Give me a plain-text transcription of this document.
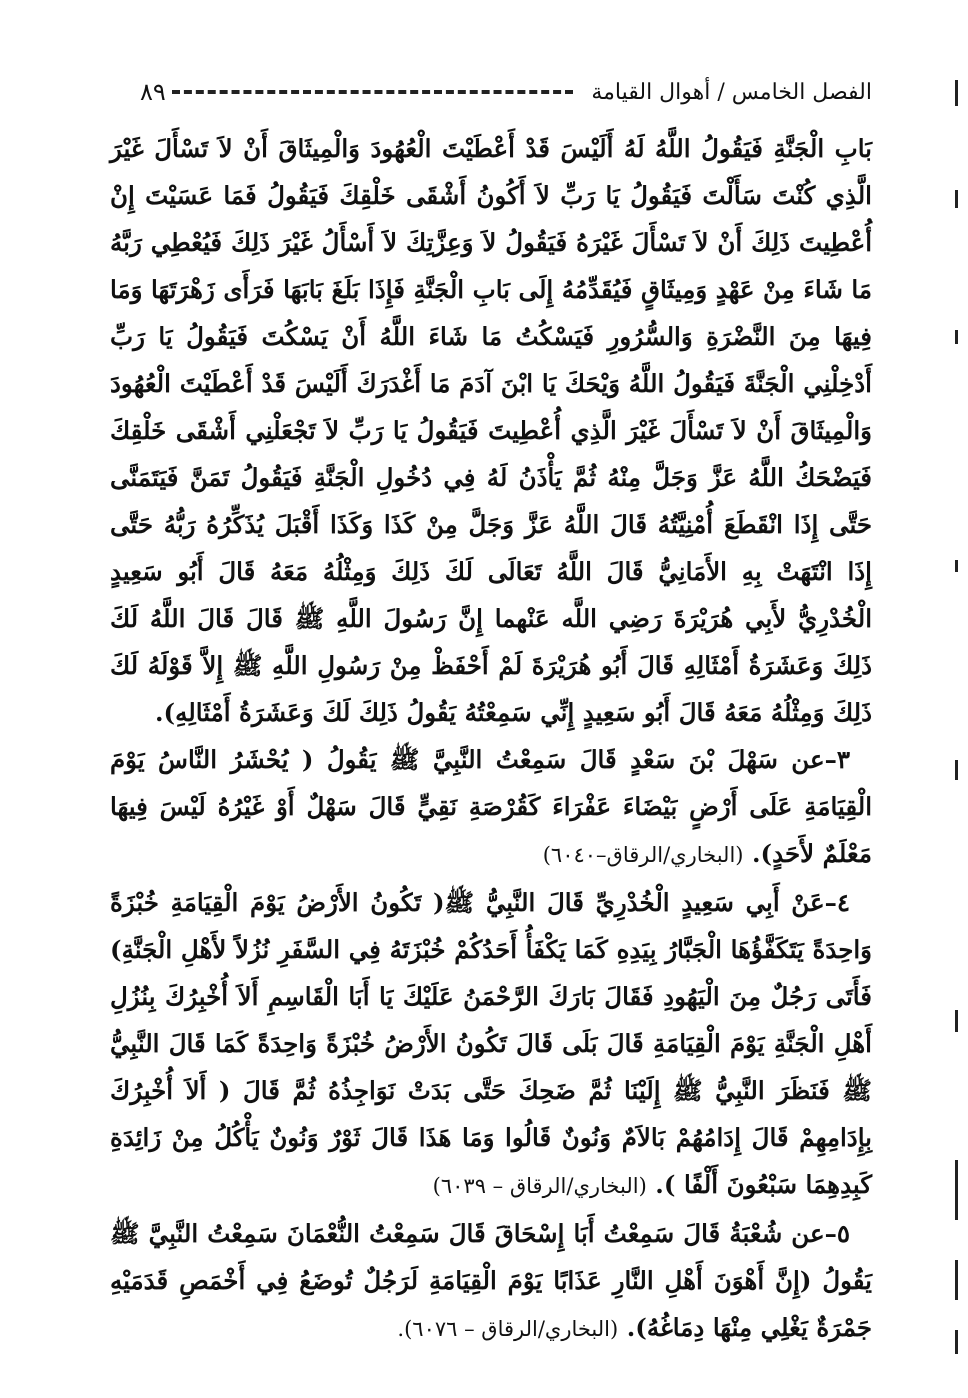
الفصل الخامس / أهوال القيامة
٨٩

بَابِ الْجَنَّةِ فَيَقُولُ اللَّهُ لَهُ أَلَيْسَ قَدْ أَعْطَيْتَ الْعُهُودَ وَالْمِيثَاقَ أَنْ لاَ تَسْأَلَ غَيْرَ الَّذِي كُنْتَ سَأَلْتَ فَيَقُولُ يَا رَبِّ لاَ أَكُونُ أَشْقَى خَلْقِكَ فَيَقُولُ فَمَا عَسَيْتَ إِنْ أُعْطِيتَ ذَلِكَ أَنْ لاَ تَسْأَلَ غَيْرَهُ فَيَقُولُ لاَ وَعِزَّتِكَ لاَ أَسْأَلُ غَيْرَ ذَلِكَ فَيُعْطِي رَبَّهُ مَا شَاءَ مِنْ عَهْدٍ وَمِيثَاقٍ فَيُقَدِّمُهُ إِلَى بَابِ الْجَنَّةِ فَإِذَا بَلَغَ بَابَهَا فَرَأَى زَهْرَتَهَا وَمَا فِيهَا مِنَ النَّضْرَةِ وَالسُّرُورِ فَيَسْكُتُ مَا شَاءَ اللَّهُ أَنْ يَسْكُتَ فَيَقُولُ يَا رَبِّ أَدْخِلْنِي الْجَنَّةَ فَيَقُولُ اللَّهُ وَيْحَكَ يَا ابْنَ آدَمَ مَا أَغْدَرَكَ أَلَيْسَ قَدْ أَعْطَيْتَ الْعُهُودَ وَالْمِيثَاقَ أَنْ لاَ تَسْأَلَ غَيْرَ الَّذِي أُعْطِيتَ فَيَقُولُ يَا رَبِّ لاَ تَجْعَلْنِي أَشْقَى خَلْقِكَ فَيَضْحَكُ اللَّهُ عَزَّ وَجَلَّ مِنْهُ ثُمَّ يَأْذَنُ لَهُ فِي دُخُولِ الْجَنَّةِ فَيَقُولُ تَمَنَّ فَيَتَمَنَّى حَتَّى إِذَا انْقَطَعَ أُمْنِيَّتُهُ قَالَ اللَّهُ عَزَّ وَجَلَّ مِنْ كَذَا وَكَذَا أَقْبَلَ يُذَكِّرُهُ رَبُّهُ حَتَّى إِذَا انْتَهَتْ بِهِ الأَمَانِيُّ قَالَ اللَّهُ تَعَالَى لَكَ ذَلِكَ وَمِثْلُهُ مَعَهُ قَالَ أَبُو سَعِيدٍ الْخُدْرِيُّ لأَبِي هُرَيْرَةَ رَضِي اللَّه عَنْهما إِنَّ رَسُولَ اللَّهِ ﷺ قَالَ قَالَ اللَّهُ لَكَ ذَلِكَ وَعَشَرَةُ أَمْثَالِهِ قَالَ أَبُو هُرَيْرَةَ لَمْ أَحْفَظْ مِنْ رَسُولِ اللَّهِ ﷺ إِلاَّ قَوْلَهُ لَكَ ذَلِكَ وَمِثْلُهُ مَعَهُ قَالَ أَبُو سَعِيدٍ إِنِّي سَمِعْتُهُ يَقُولُ ذَلِكَ لَكَ وَعَشَرَةُ أَمْثَالِهِ).

٣–عن سَهْلَ بْنَ سَعْدٍ قَالَ سَمِعْتُ النَّبِيَّ ﷺ يَقُولُ ( يُحْشَرُ النَّاسُ يَوْمَ الْقِيَامَةِ عَلَى أَرْضٍ بَيْضَاءَ عَفْرَاءَ كَقُرْصَةِ نَقِيٍّ قَالَ سَهْلٌ أَوْ غَيْرُهُ لَيْسَ فِيهَا مَعْلَمٌ لأَحَدٍ). (البخاري/الرقاق–٦٠٤٠)

٤–عَنْ أَبِي سَعِيدٍ الْخُدْرِيِّ قَالَ النَّبِيُّ ﷺ( تَكُونُ الأَرْضُ يَوْمَ الْقِيَامَةِ خُبْزَةً وَاحِدَةً يَتَكَفَّؤُهَا الْجَبَّارُ بِيَدِهِ كَمَا يَكْفَأُ أَحَدُكُمْ خُبْزَتَهُ فِي السَّفَرِ نُزُلاً لأَهْلِ الْجَنَّةِ) فَأَتَى رَجُلٌ مِنَ الْيَهُودِ فَقَالَ بَارَكَ الرَّحْمَنُ عَلَيْكَ يَا أَبَا الْقَاسِمِ أَلاَ أُخْبِرُكَ بِنُزُلِ أَهْلِ الْجَنَّةِ يَوْمَ الْقِيَامَةِ قَالَ بَلَى قَالَ تَكُونُ الأَرْضُ خُبْزَةً وَاحِدَةً كَمَا قَالَ النَّبِيُّ ﷺ فَنَظَرَ النَّبِيُّ ﷺ إِلَيْنَا ثُمَّ ضَحِكَ حَتَّى بَدَتْ نَوَاجِذُهُ ثُمَّ قَالَ ( أَلاَ أُخْبِرُكَ بِإِدَامِهِمْ قَالَ إِدَامُهُمْ بَالاَمٌ وَنُونٌ قَالُوا وَمَا هَذَا قَالَ ثَوْرٌ وَنُونٌ يَأْكُلُ مِنْ زَائِدَةِ كَبِدِهِمَا سَبْعُونَ أَلْفًا ). (البخاري/الرقاق – ٦٠٣٩)

٥–عن شُعْبَةُ قَالَ سَمِعْتُ أَبَا إِسْحَاقَ قَالَ سَمِعْتُ النُّعْمَانَ سَمِعْتُ النَّبِيَّ ﷺ يَقُولُ (إِنَّ أَهْوَنَ أَهْلِ النَّارِ عَذَابًا يَوْمَ الْقِيَامَةِ لَرَجُلٌ تُوضَعُ فِي أَخْمَصِ قَدَمَيْهِ جَمْرَةٌ يَغْلِي مِنْهَا دِمَاغُهُ). (البخاري/الرقاق – ٦٠٧٦).
